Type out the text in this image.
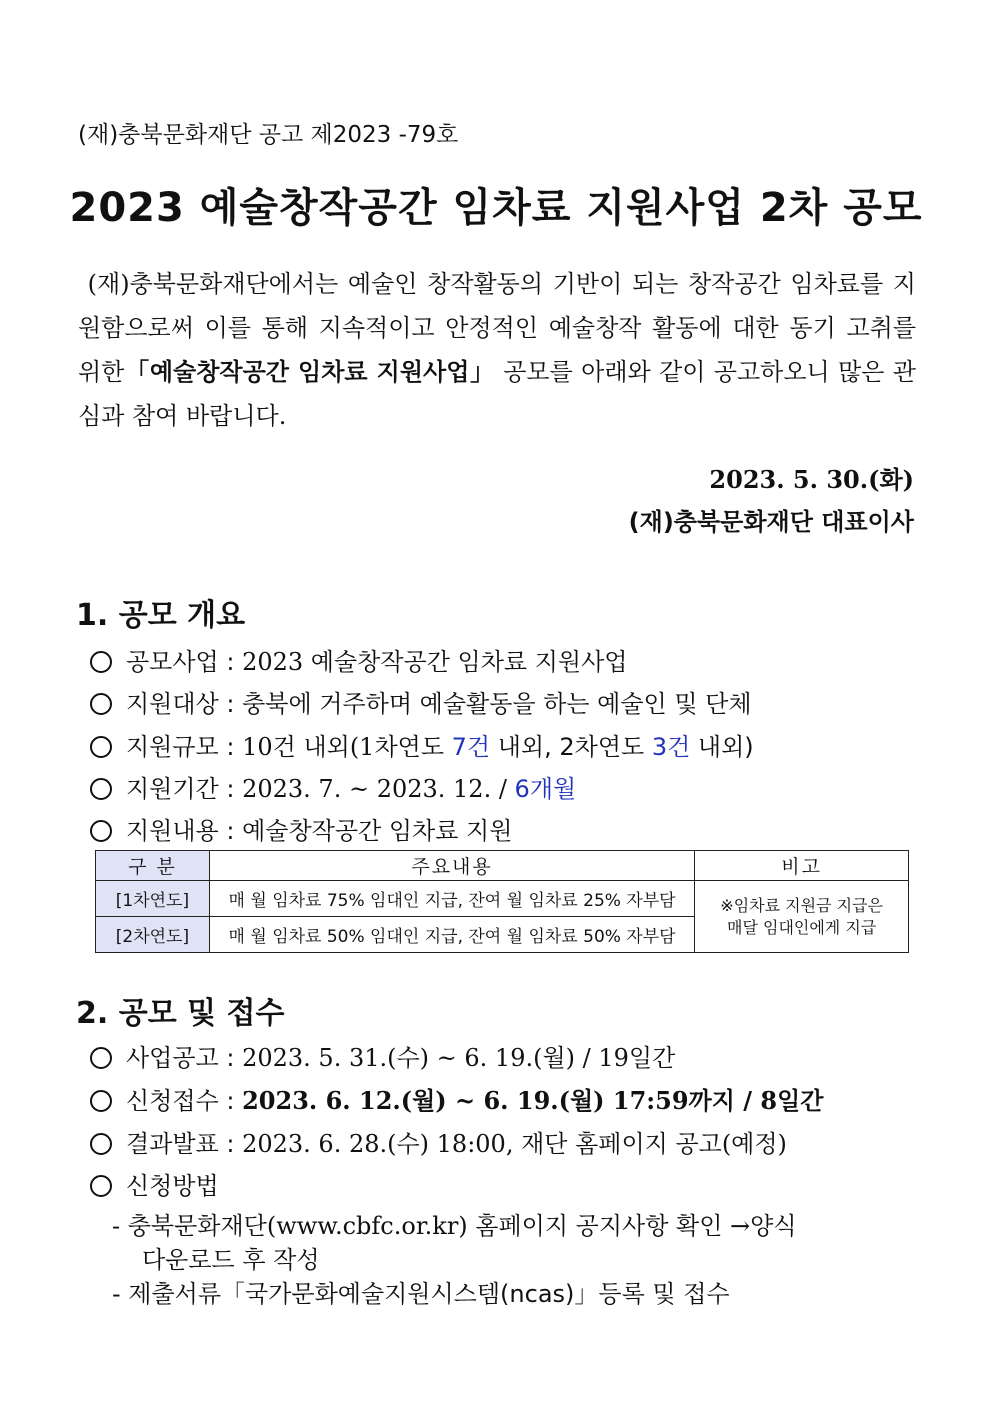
(재)충북문화재단 공고 제2023 -79호
2023 예술창작공간 임차료 지원사업 2차 공모
(재)충북문화재단에서는 예술인 창작활동의 기반이 되는 창작공간 임차료를 지원함으로써 이를 통해 지속적이고 안정적인 예술창작 활동에 대한 동기 고취를 위한「예술창작공간 임차료 지원사업」 공모를 아래와 같이 공고하오니 많은 관심과 참여 바랍니다.
2023. 5. 30.(화)
(재)충북문화재단 대표이사
1. 공모 개요
공모사업 : 2023 예술창작공간 임차료 지원사업
지원대상 : 충북에 거주하며 예술활동을 하는 예술인 및 단체
지원규모 : 10건 내외(1차연도 7건 내외, 2차연도 3건 내외)
지원기간 : 2023. 7. ~ 2023. 12. / 6개월
지원내용 : 예술창작공간 임차료 지원
구 분	주요내용	비고
[1차연도]	매 월 임차료 75% 임대인 지급, 잔여 월 임차료 25% 자부담	※임차료 지원금 지급은
매달 임대인에게 지급
[2차연도]	매 월 임차료 50% 임대인 지급, 잔여 월 임차료 50% 자부담	
2. 공모 및 접수
사업공고 : 2023. 5. 31.(수) ~ 6. 19.(월) / 19일간
신청접수 : 2023. 6. 12.(월) ~ 6. 19.(월) 17:59까지 / 8일간
결과발표 : 2023. 6. 28.(수) 18:00, 재단 홈페이지 공고(예정)
신청방법
- 충북문화재단(www.cbfc.or.kr) 홈페이지 공지사항 확인 →양식
다운로드 후 작성
- 제출서류「국가문화예술지원시스템(ncas)」등록 및 접수
